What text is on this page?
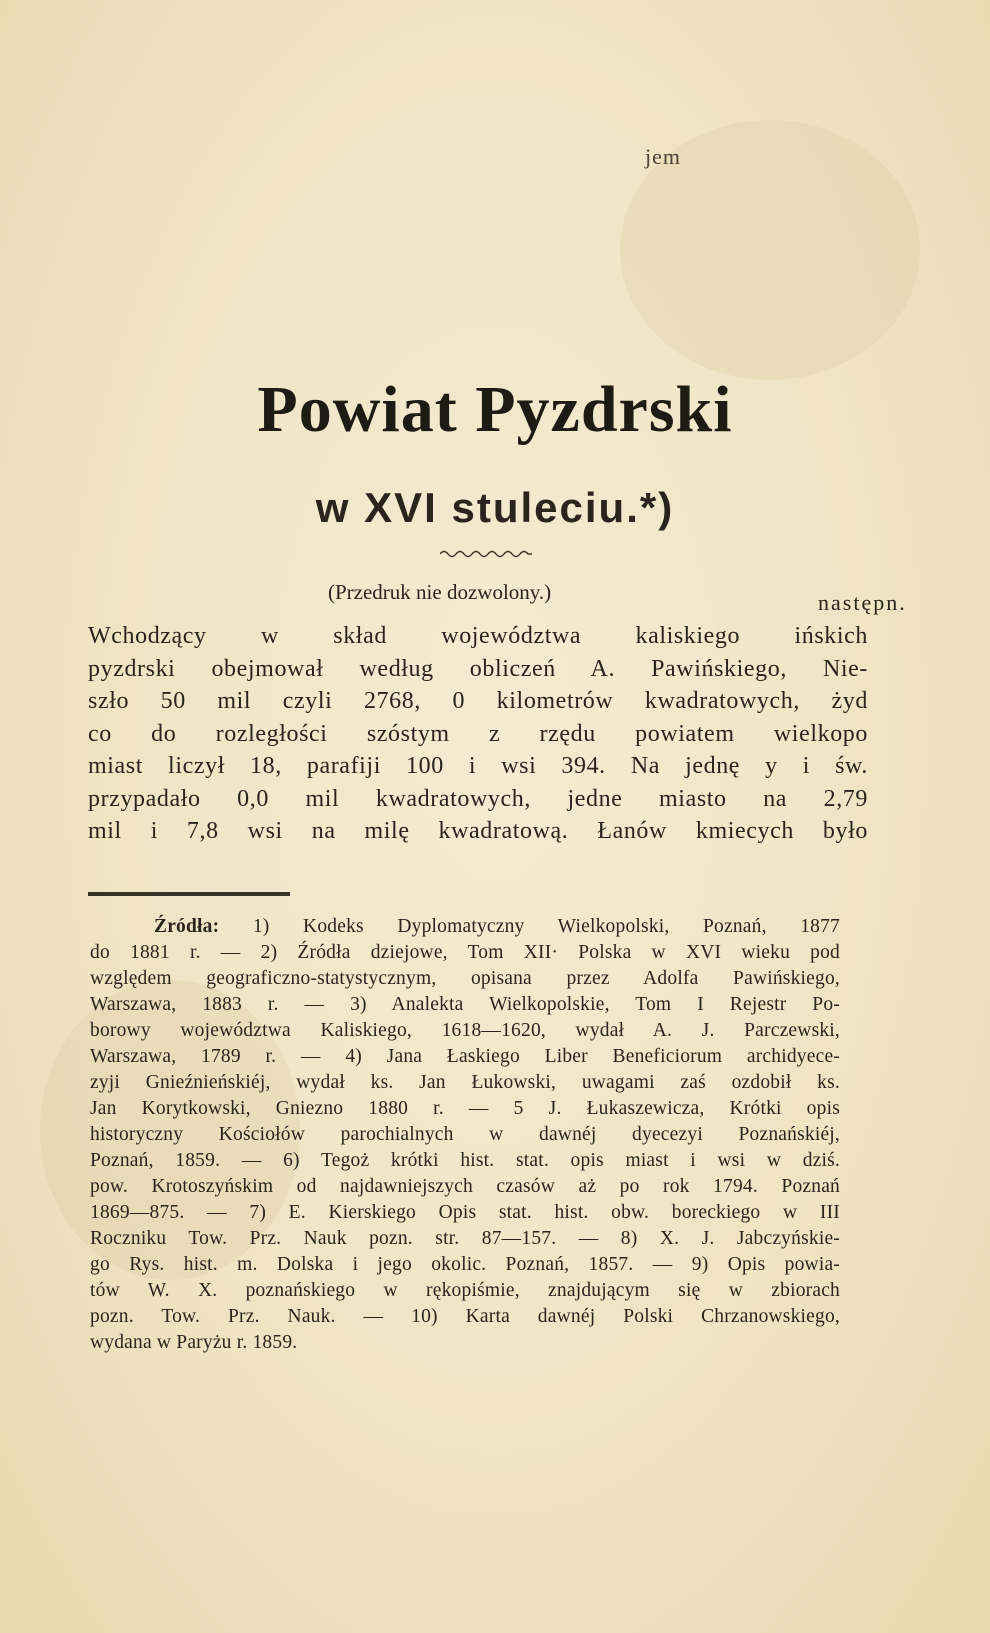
jem
Powiat Pyzdrski
w XVI stuleciu.*)
(Przedruk nie dozwolony.)	następn.
Wchodzący w skład województwa kaliskiego ińskich
pyzdrski obejmował według obliczeń A. Pawińskiego, Nie-
szło 50 mil czyli 2768, 0 kilometrów kwadratowych, żyd
co do rozległości szóstym z rzędu powiatem wielkopo
miast liczył 18, parafiji 100 i wsi 394. Na jednę y i św.
przypadało 0,0 mil kwadratowych, jedne miasto na 2,79
mil i 7,8 wsi na milę kwadratową. Łanów kmiecych było
Źródła: 1) Kodeks Dyplomatyczny Wielkopolski, Poznań, 1877
do 1881 r. — 2) Źródła dziejowe, Tom XII· Polska w XVI wieku pod
względem geograficzno-statystycznym, opisana przez Adolfa Pawińskiego,
Warszawa, 1883 r. — 3) Analekta Wielkopolskie, Tom I Rejestr Po-
borowy województwa Kaliskiego, 1618—1620, wydał A. J. Parczewski,
Warszawa, 1789 r. — 4) Jana Łaskiego Liber Beneficiorum archidyece-
zyji Gnieźnieńskiéj, wydał ks. Jan Łukowski, uwagami zaś ozdobił ks.
Jan Korytkowski, Gniezno 1880 r. — 5 J. Łukaszewicza, Krótki opis
historyczny Kościołów parochialnych w dawnéj dyecezyi Poznańskiéj,
Poznań, 1859. — 6) Tegoż krótki hist. stat. opis miast i wsi w dziś.
pow. Krotoszyńskim od najdawniejszych czasów aż po rok 1794. Poznań
1869—875. — 7) E. Kierskiego Opis stat. hist. obw. boreckiego w III
Roczniku Tow. Prz. Nauk pozn. str. 87—157. — 8) X. J. Jabczyńskie-
go Rys. hist. m. Dolska i jego okolic. Poznań, 1857. — 9) Opis powia-
tów W. X. poznańskiego w rękopiśmie, znajdującym się w zbiorach
pozn. Tow. Prz. Nauk. — 10) Karta dawnéj Polski Chrzanowskiego,
wydana w Paryżu r. 1859.
